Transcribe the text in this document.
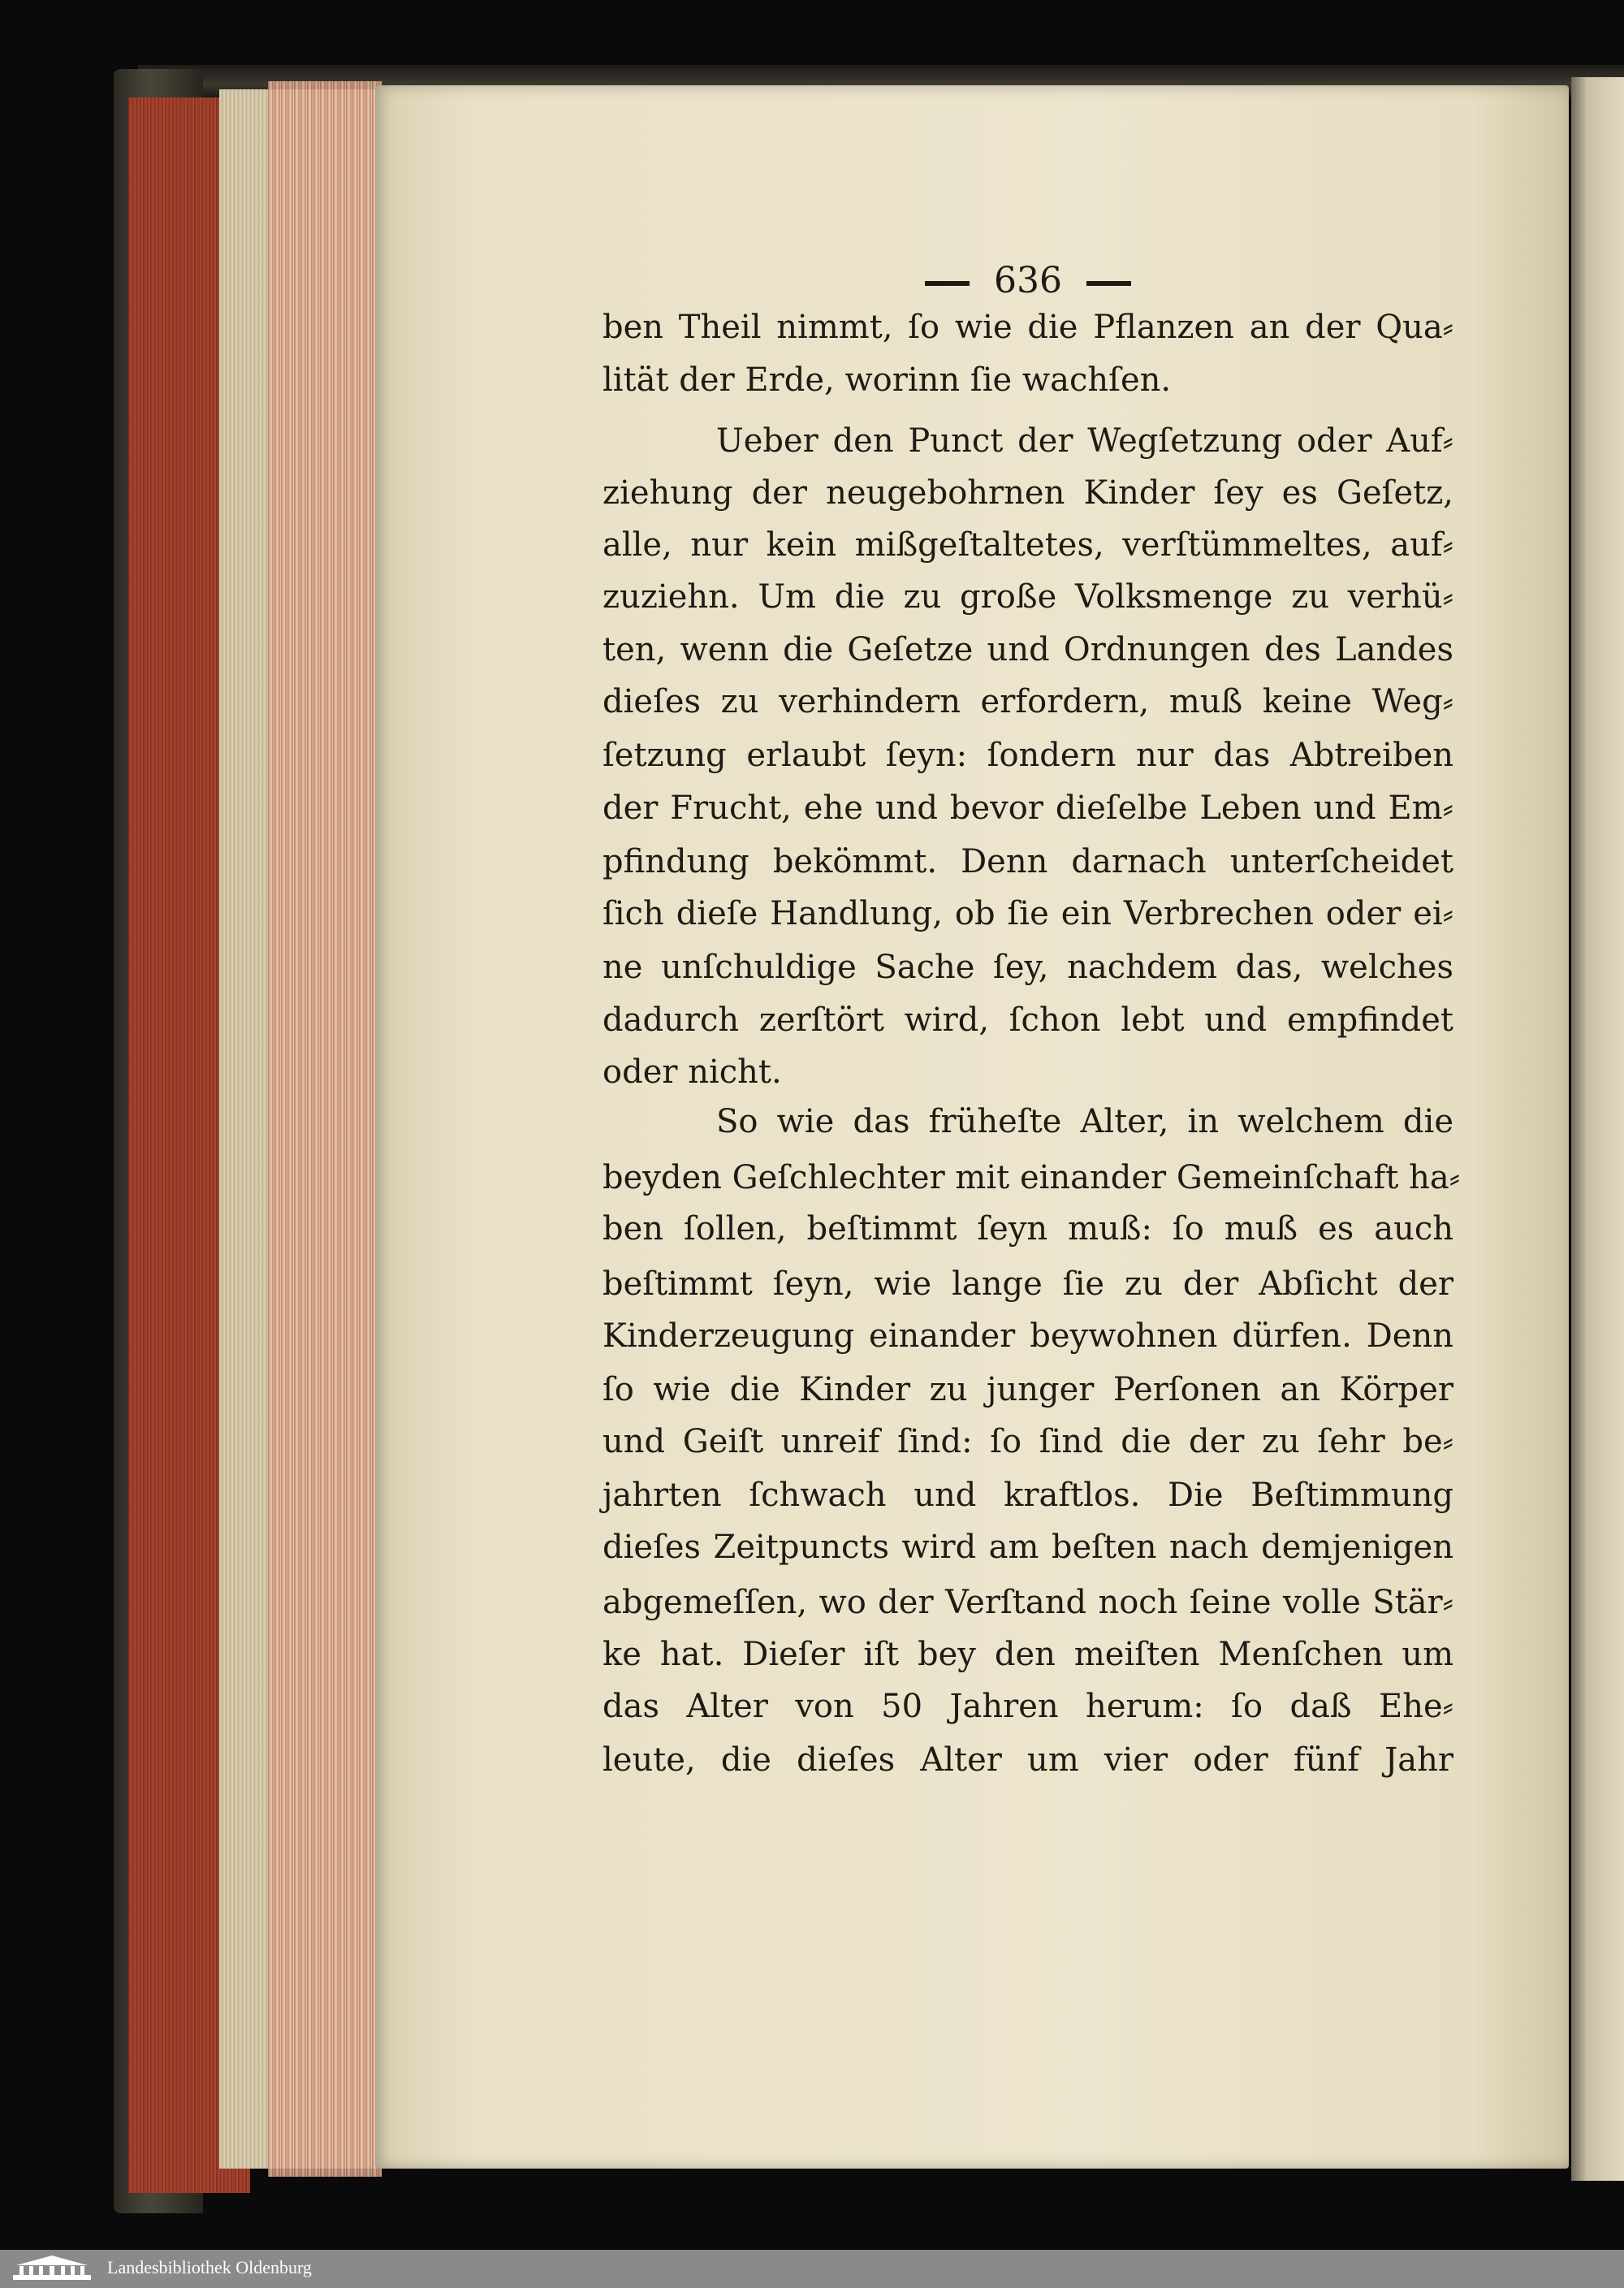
636
ben Theil nimmt, ſo wie die Pflanzen an der Qua⸗
lität der Erde, worinn ſie wachſen.
Ueber den Punct der Wegſetzung oder Auf⸗
ziehung der neugebohrnen Kinder ſey es Geſetz,
alle, nur kein mißgeſtaltetes, verſtümmeltes, auf⸗
zuziehn. Um die zu große Volksmenge zu verhü⸗
ten, wenn die Geſetze und Ordnungen des Landes
dieſes zu verhindern erfordern, muß keine Weg⸗
ſetzung erlaubt ſeyn: ſondern nur das Abtreiben
der Frucht, ehe und bevor dieſelbe Leben und Em⸗
pfindung bekömmt. Denn darnach unterſcheidet
ſich dieſe Handlung, ob ſie ein Verbrechen oder ei⸗
ne unſchuldige Sache ſey, nachdem das, welches
dadurch zerſtört wird, ſchon lebt und empfindet
oder nicht.
So wie das früheſte Alter, in welchem die
beyden Geſchlechter mit einander Gemeinſchaft ha⸗
ben ſollen, beſtimmt ſeyn muß: ſo muß es auch
beſtimmt ſeyn, wie lange ſie zu der Abſicht der
Kinderzeugung einander beywohnen dürfen. Denn
ſo wie die Kinder zu junger Perſonen an Körper
und Geiſt unreif ſind: ſo ſind die der zu ſehr be⸗
jahrten ſchwach und kraftlos. Die Beſtimmung
dieſes Zeitpuncts wird am beſten nach demjenigen
abgemeſſen, wo der Verſtand noch ſeine volle Stär⸗
ke hat. Dieſer iſt bey den meiſten Menſchen um
das Alter von 50 Jahren herum: ſo daß Ehe⸗
leute, die dieſes Alter um vier oder fünf Jahr
Landesbibliothek Oldenburg
